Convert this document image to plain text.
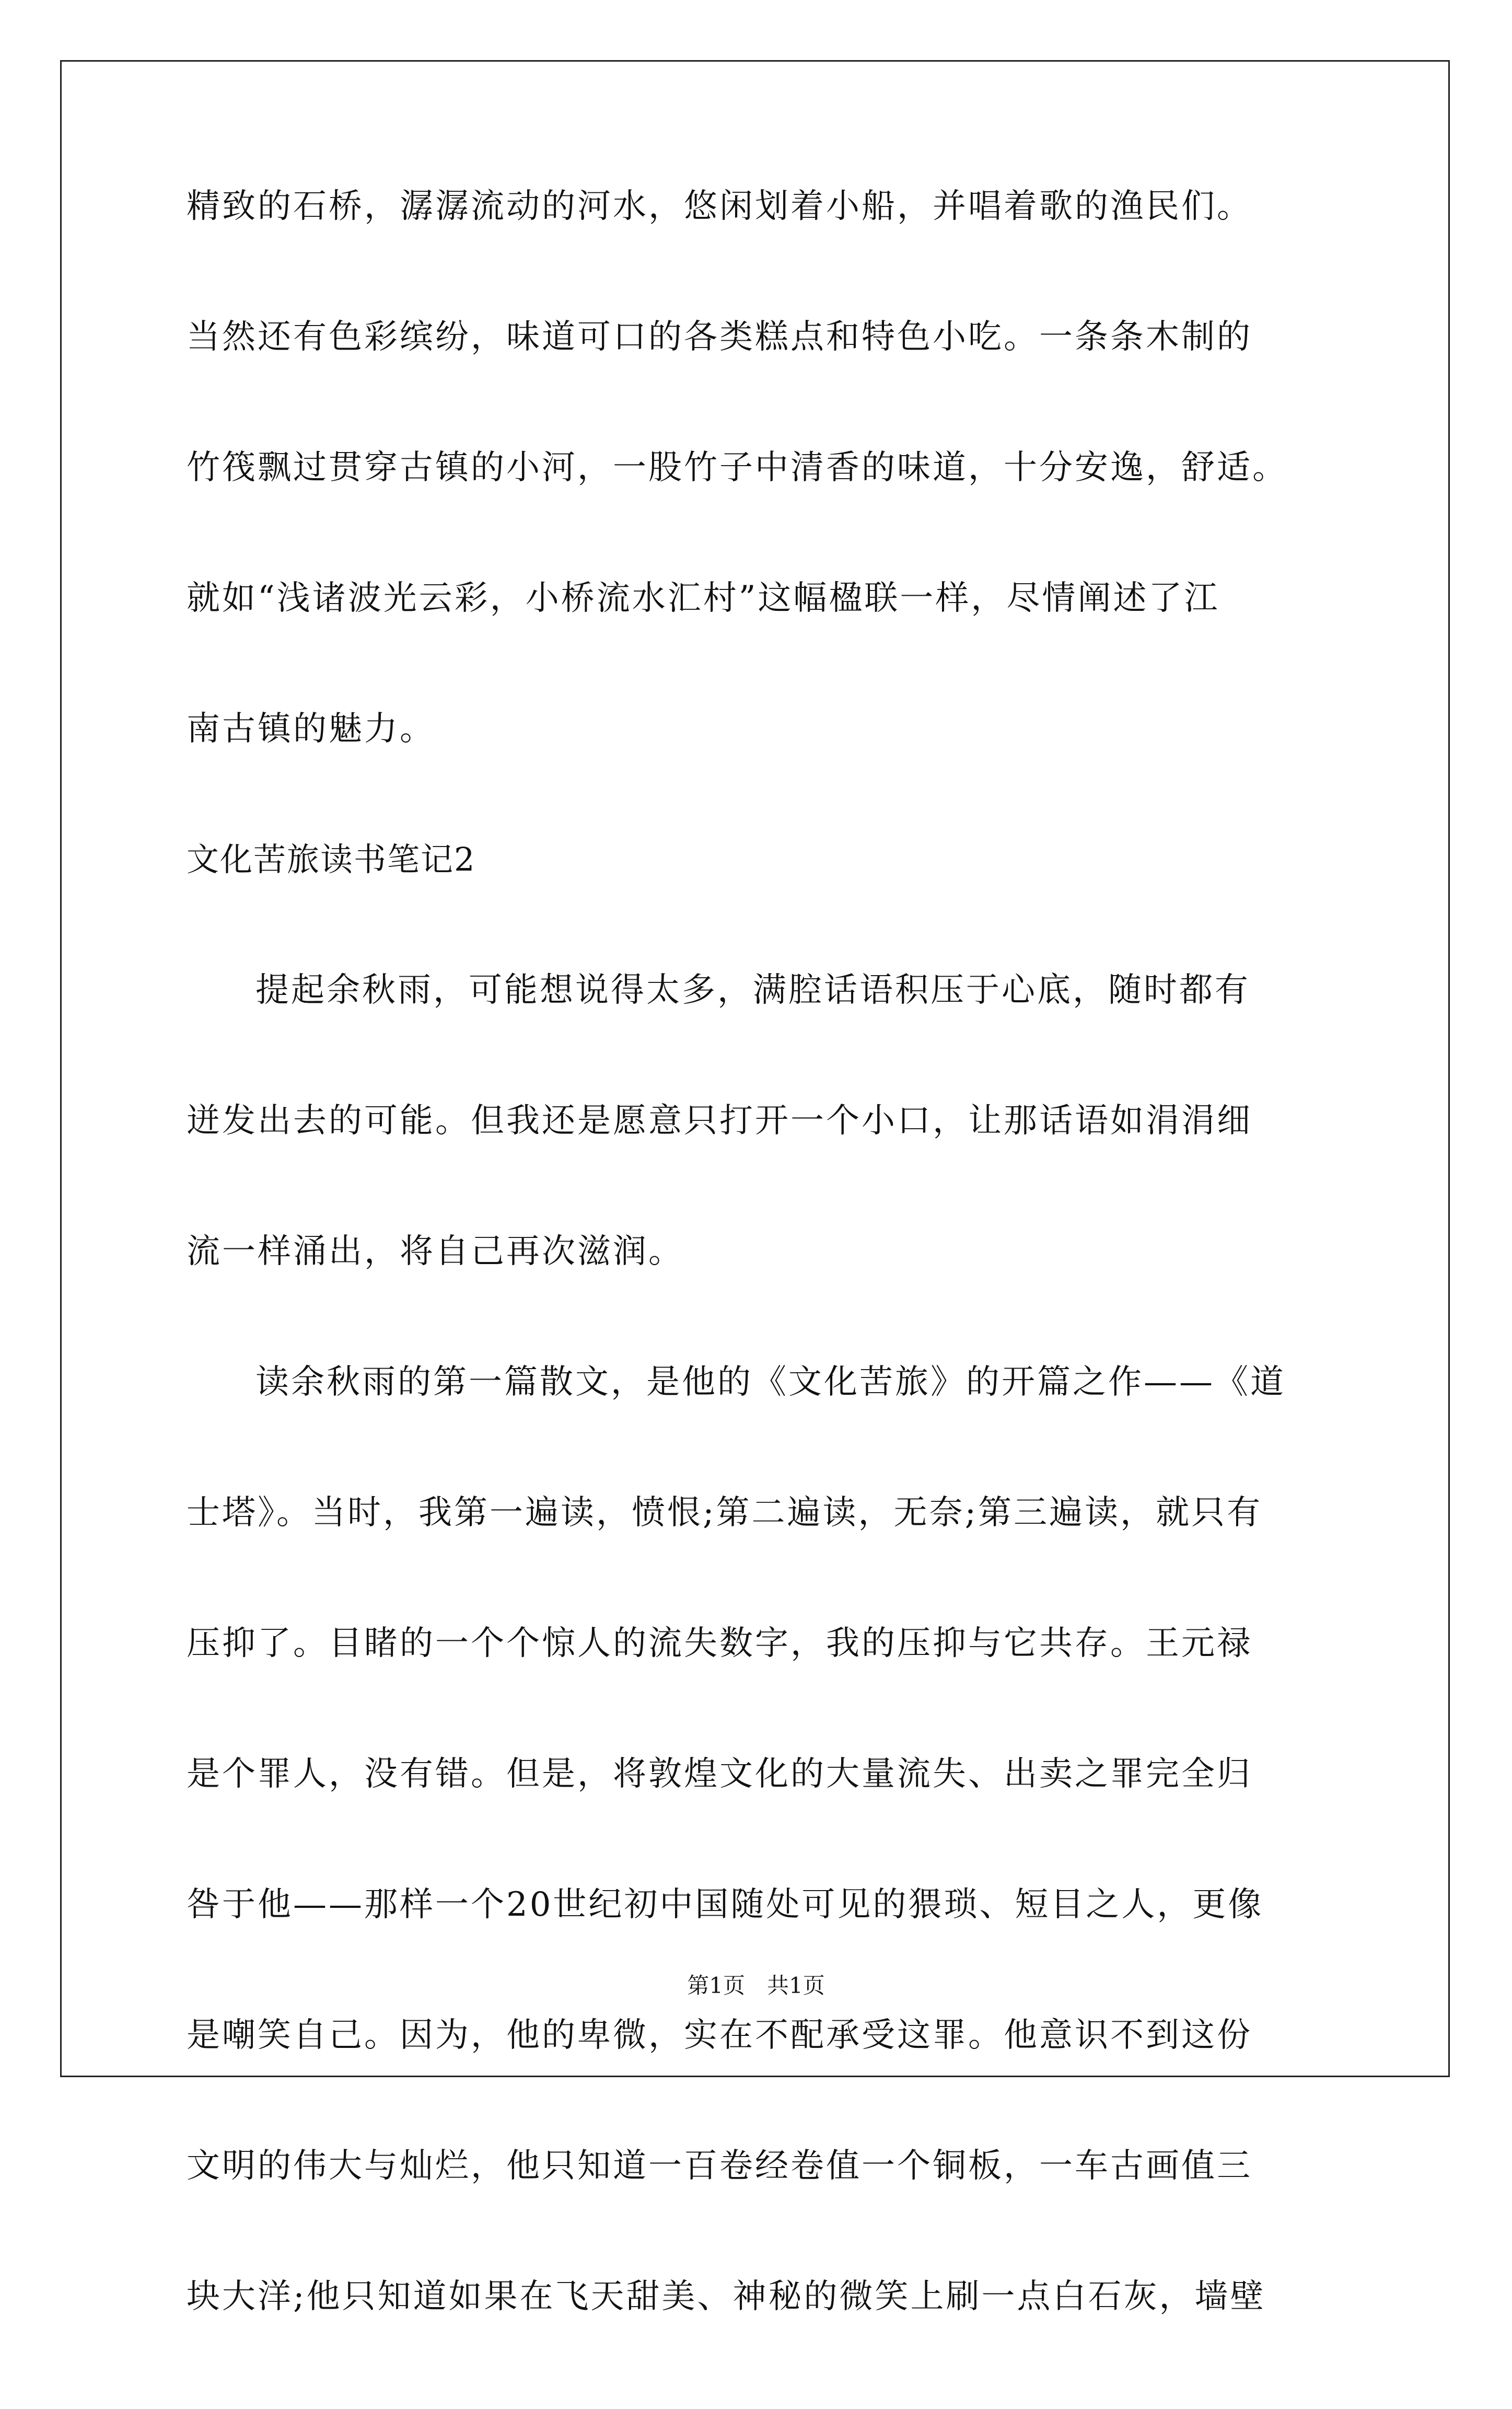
精致的石桥，潺潺流动的河水，悠闲划着小船，并唱着歌的渔民们。
当然还有色彩缤纷，味道可口的各类糕点和特色小吃。一条条木制的
竹筏飘过贯穿古镇的小河，一股竹子中清香的味道，十分安逸，舒适。
就如“浅诸波光云彩，小桥流水汇村”这幅楹联一样，尽情阐述了江
南古镇的魅力。
文化苦旅读书笔记2
提起余秋雨，可能想说得太多，满腔话语积压于心底，随时都有
迸发出去的可能。但我还是愿意只打开一个小口，让那话语如涓涓细
流一样涌出，将自己再次滋润。
读余秋雨的第一篇散文，是他的《文化苦旅》的开篇之作——《道
士塔》。当时，我第一遍读，愤恨;第二遍读，无奈;第三遍读，就只有
压抑了。目睹的一个个惊人的流失数字，我的压抑与它共存。王元禄
是个罪人，没有错。但是，将敦煌文化的大量流失、出卖之罪完全归
咎于他——那样一个20世纪初中国随处可见的猥琐、短目之人，更像
是嘲笑自己。因为，他的卑微，实在不配承受这罪。他意识不到这份
文明的伟大与灿烂，他只知道一百卷经卷值一个铜板，一车古画值三
块大洋;他只知道如果在飞天甜美、神秘的微笑上刷一点白石灰，墙壁
第1页　共1页
